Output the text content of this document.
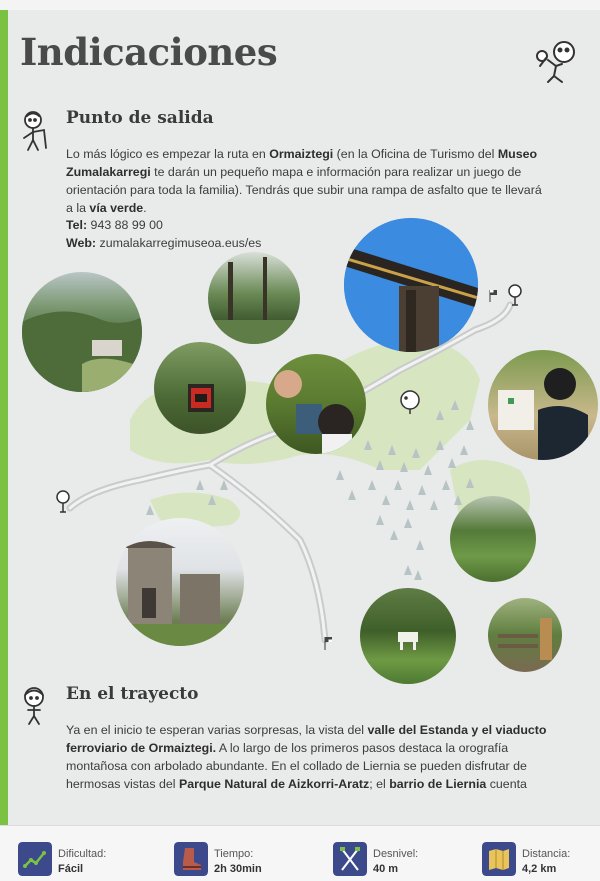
Indicaciones
Punto de salida

Lo más lógico es empezar la ruta en Ormaiztegi (en la Oficina de Turismo del Museo

Zumalakarregi te darán un pequeño mapa e información para realizar un juego de

orientación para toda la familia). Tendrás que subir una rampa de asfalto que te llevará

a la vía verde.

Tel: 943 88 99 00

Web: zumalakarregimuseoa.eus/es

En el trayecto

Ya en el inicio te esperan varias sorpresas, la vista del valle del Estanda y el viaducto

ferroviario de Ormaiztegi. A lo largo de los primeros pasos destaca la orografía

montañosa con arbolado abundante. En el collado de Liernia se pueden disfrutar de

hermosas vistas del Parque Natural de Aizkorri-Aratz; el barrio de Liernia cuenta

Dificultad:
Fácil
Tiempo:
2h 30min
Desnivel:
40 m
Distancia:
4,2 km
